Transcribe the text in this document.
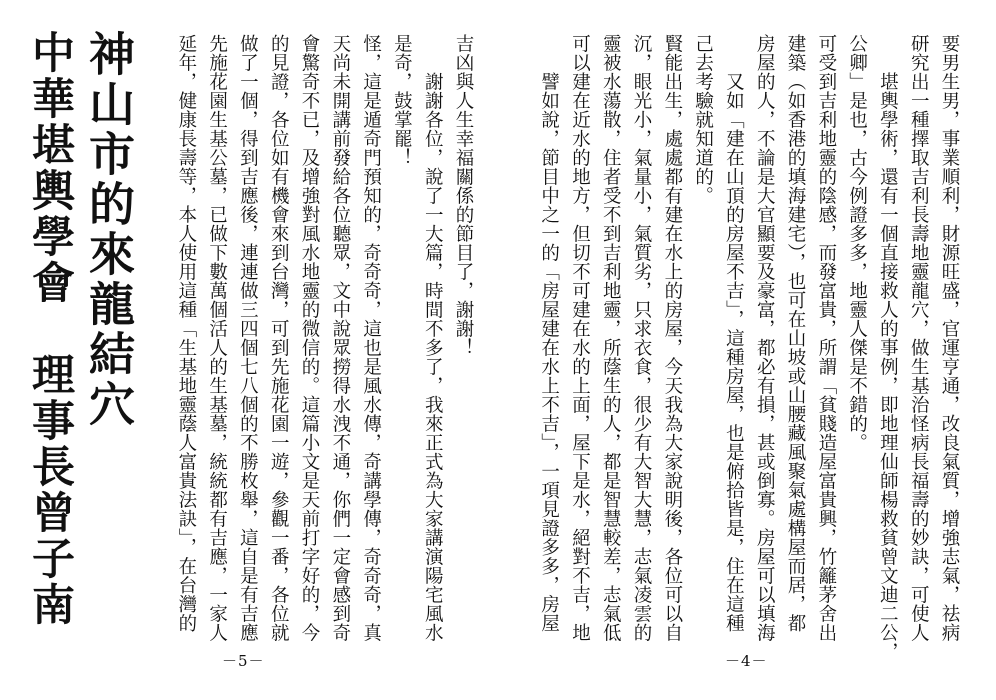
吉凶與人生幸福關係的節目了，謝謝！
　　謝謝各位，說了一大篇，時間不多了，我來正式為大家講演陽宅風水
是奇，鼓掌罷！
怪，這是遁奇門預知的，奇奇奇，這也是風水傳，奇講學傳，奇奇奇，真
天尚未開講前發給各位聽眾，文中說眾撈得水洩不通，你們一定會感到奇
會驚奇不已，及增強對風水地靈的微信的。這篇小文是天前打字好的，今
的見證，各位如有機會來到台灣，可到先施花園一遊，參觀一番，各位就
做了一個，得到吉應後，連連做三四個七八個的不勝枚舉，這自是有吉應
先施花園生基公墓，已做下數萬個活人的生基墓，統統都有吉應，一家人
延年，健康長壽等，本人使用這種「生基地靈蔭人富貴法訣」，在台灣的
神山市的來龍結穴
中華堪輿學會　理事長曾子南
－5－
要男生男，事業順利，財源旺盛，官運亨通，改良氣質，增強志氣，祛病
研究出一種擇取吉利長壽地靈龍穴，做生基治怪病長福壽的妙訣，可使人
　　堪輿學術，還有一個直接救人的事例，即地理仙師楊救貧曾文迪二公，
公卿」是也，古今例證多多，地靈人傑是不錯的。
可受到吉利地靈的陰感，而發富貴，所謂「貧賤造屋富貴興，竹籬茅舍出
建築（如香港的填海建宅），也可在山坡或山腰藏風聚氣處構屋而居，都
房屋的人，不論是大官顯要及豪富，都必有損，甚或倒寡。房屋可以填海
　　又如「建在山頂的房屋不吉」，這種房屋，也是俯拾皆是，住在這種
己去考驗就知道的。
賢能出生，處處都有建在水上的房屋，今天我為大家說明後，各位可以自
沉，眼光小，氣量小，氣質劣，只求衣食，很少有大智大慧，志氣凌雲的
靈被水蕩散，住者受不到吉利地靈，所蔭生的人，都是智慧較差，志氣低
可以建在近水的地方，但切不可建在水的上面，屋下是水，絕對不吉，地
　　譬如說，節目中之一的「房屋建在水上不吉」，一項見證多多，房屋
－4－
